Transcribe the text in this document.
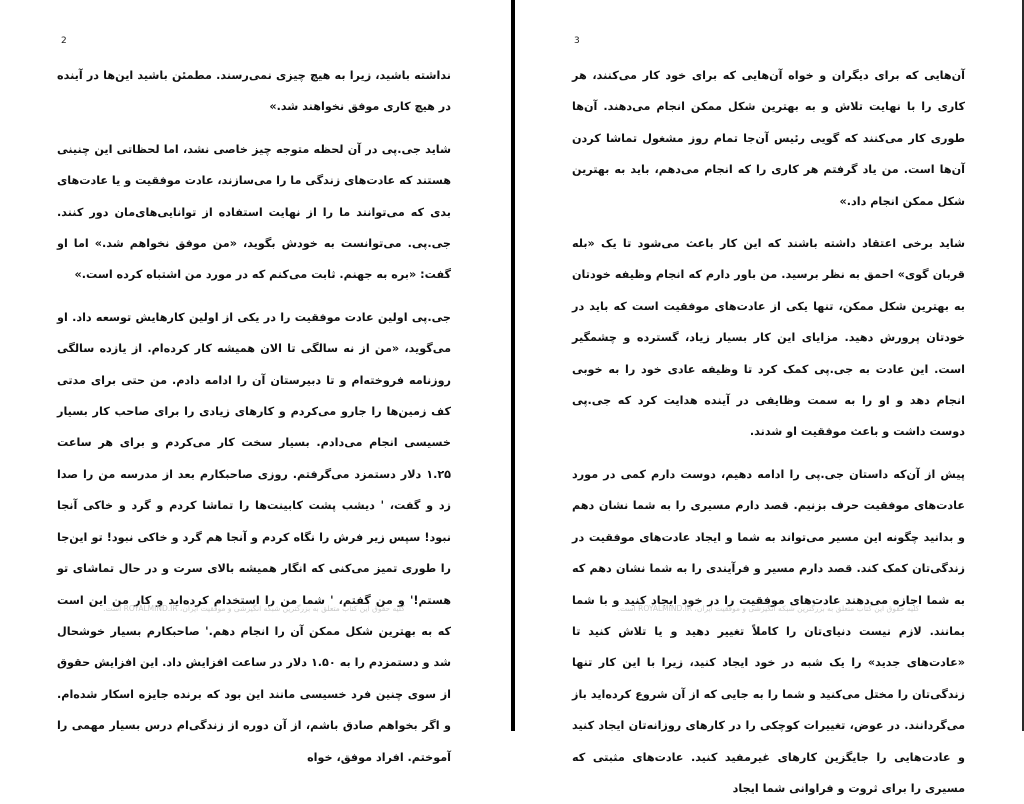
2

نداشته باشید، زیرا به هیچ چیزی نمی‌رسند. مطمئن باشید این‌ها در آینده در هیچ کاری موفق نخواهند شد.»

شاید جی.پی در آن لحظه متوجه چیز خاصی نشد، اما لحظاتی این چنینی هستند که عادت‌های زندگی ما را می‌سازند، عادت موفقیت و یا عادت‌های بدی که می‌توانند ما را از نهایت استفاده از توانایی‌های‌مان دور کنند. جی.پی. می‌توانست به خودش بگوید، «من موفق نخواهم شد.» اما او گفت: «بره به جهنم. ثابت می‌کنم که در مورد من اشتباه کرده است.»

جی.پی اولین عادت موفقیت را در یکی از اولین کارهایش توسعه داد. او می‌گوید، «من از نه سالگی تا الان همیشه کار کرده‌ام. از یازده سالگی روزنامه فروخته‌ام و تا دبیرستان آن را ادامه دادم. من حتی برای مدتی کف زمین‌ها را جارو می‌کردم و کارهای زیادی را برای صاحب کار بسیار خسیسی انجام می‌دادم. بسیار سخت کار می‌کردم و برای هر ساعت ۱.۲۵ دلار دستمزد می‌گرفتم. روزی صاحبکارم بعد از مدرسه من را صدا زد و گفت، ' دیشب پشت کابینت‌ها را تماشا کردم و گرد و خاکی آنجا نبود! سپس زیر فرش را نگاه کردم و آنجا هم گرد و خاکی نبود! تو این‌جا را طوری تمیز می‌کنی که انگار همیشه بالای سرت و در حال تماشای تو هستم!' و من گفتم، ' شما من را استخدام کرده‌اید و کار من این است که به بهترین شکل ممکن آن را انجام دهم.' صاحبکارم بسیار خوشحال شد و دستمزدم را به ۱.۵۰ دلار در ساعت افزایش داد. این افزایش حقوق از سوی چنین فرد خسیسی مانند این بود که برنده جایزه اسکار شده‌ام. و اگر بخواهم صادق باشم، از آن دوره از زندگی‌ام درس بسیار مهمی را آموختم. افراد موفق، خواه

کلیه حقوق این کتاب متعلق به بزرگترین شبکه انگیزشی و موفقیت ایران، ROYALMIND.IR است.
3

آن‌هایی که برای دیگران و خواه آن‌هایی که برای خود کار می‌کنند، هر کاری را با نهایت تلاش و به بهترین شکل ممکن انجام می‌دهند. آن‌ها طوری کار می‌کنند که گویی رئیس آن‌جا تمام روز مشغول تماشا کردن آن‌ها است. من یاد گرفتم هر کاری را که انجام می‌دهم، باید به بهترین شکل ممکن انجام داد.»

شاید برخی اعتقاد داشته باشند که این کار باعث می‌شود تا یک «بله قربان گوی» احمق به نظر برسید. من باور دارم که انجام وظیفه خودتان به بهترین شکل ممکن، تنها یکی از عادت‌های موفقیت است که باید در خودتان پرورش دهید. مزایای این کار بسیار زیاد، گسترده و چشمگیر است. این عادت به جی.پی کمک کرد تا وظیفه عادی خود را به خوبی انجام دهد و او را به سمت وظایفی در آینده هدایت کرد که جی.پی دوست داشت و باعث موفقیت او شدند.

پیش از آن‌که داستان جی.پی را ادامه دهیم، دوست دارم کمی در مورد عادت‌های موفقیت حرف بزنیم. قصد دارم مسیری را به شما نشان دهم و بدانید چگونه این مسیر می‌تواند به شما و ایجاد عادت‌های موفقیت در زندگی‌تان کمک کند. قصد دارم مسیر و فرآیندی را به شما نشان دهم که به شما اجازه می‌دهند عادت‌های موفقیت را در خود ایجاد کنید و با شما بمانند. لازم نیست دنیای‌تان را کاملاً تغییر دهید و یا تلاش کنید تا «عادت‌های جدید» را یک شبه در خود ایجاد کنید، زیرا با این کار تنها زندگی‌تان را مختل می‌کنید و شما را به جایی که از آن شروع کرده‌اید باز می‌گردانند. در عوض، تغییرات کوچکی را در کارهای روزانه‌تان ایجاد کنید و عادت‌هایی را جایگزین کارهای غیرمفید کنید. عادت‌های مثبتی که مسیری را برای ثروت و فراوانی شما ایجاد

کلیه حقوق این کتاب متعلق به بزرگترین شبکه انگیزشی و موفقیت ایران، ROYALMIND.IR است.
